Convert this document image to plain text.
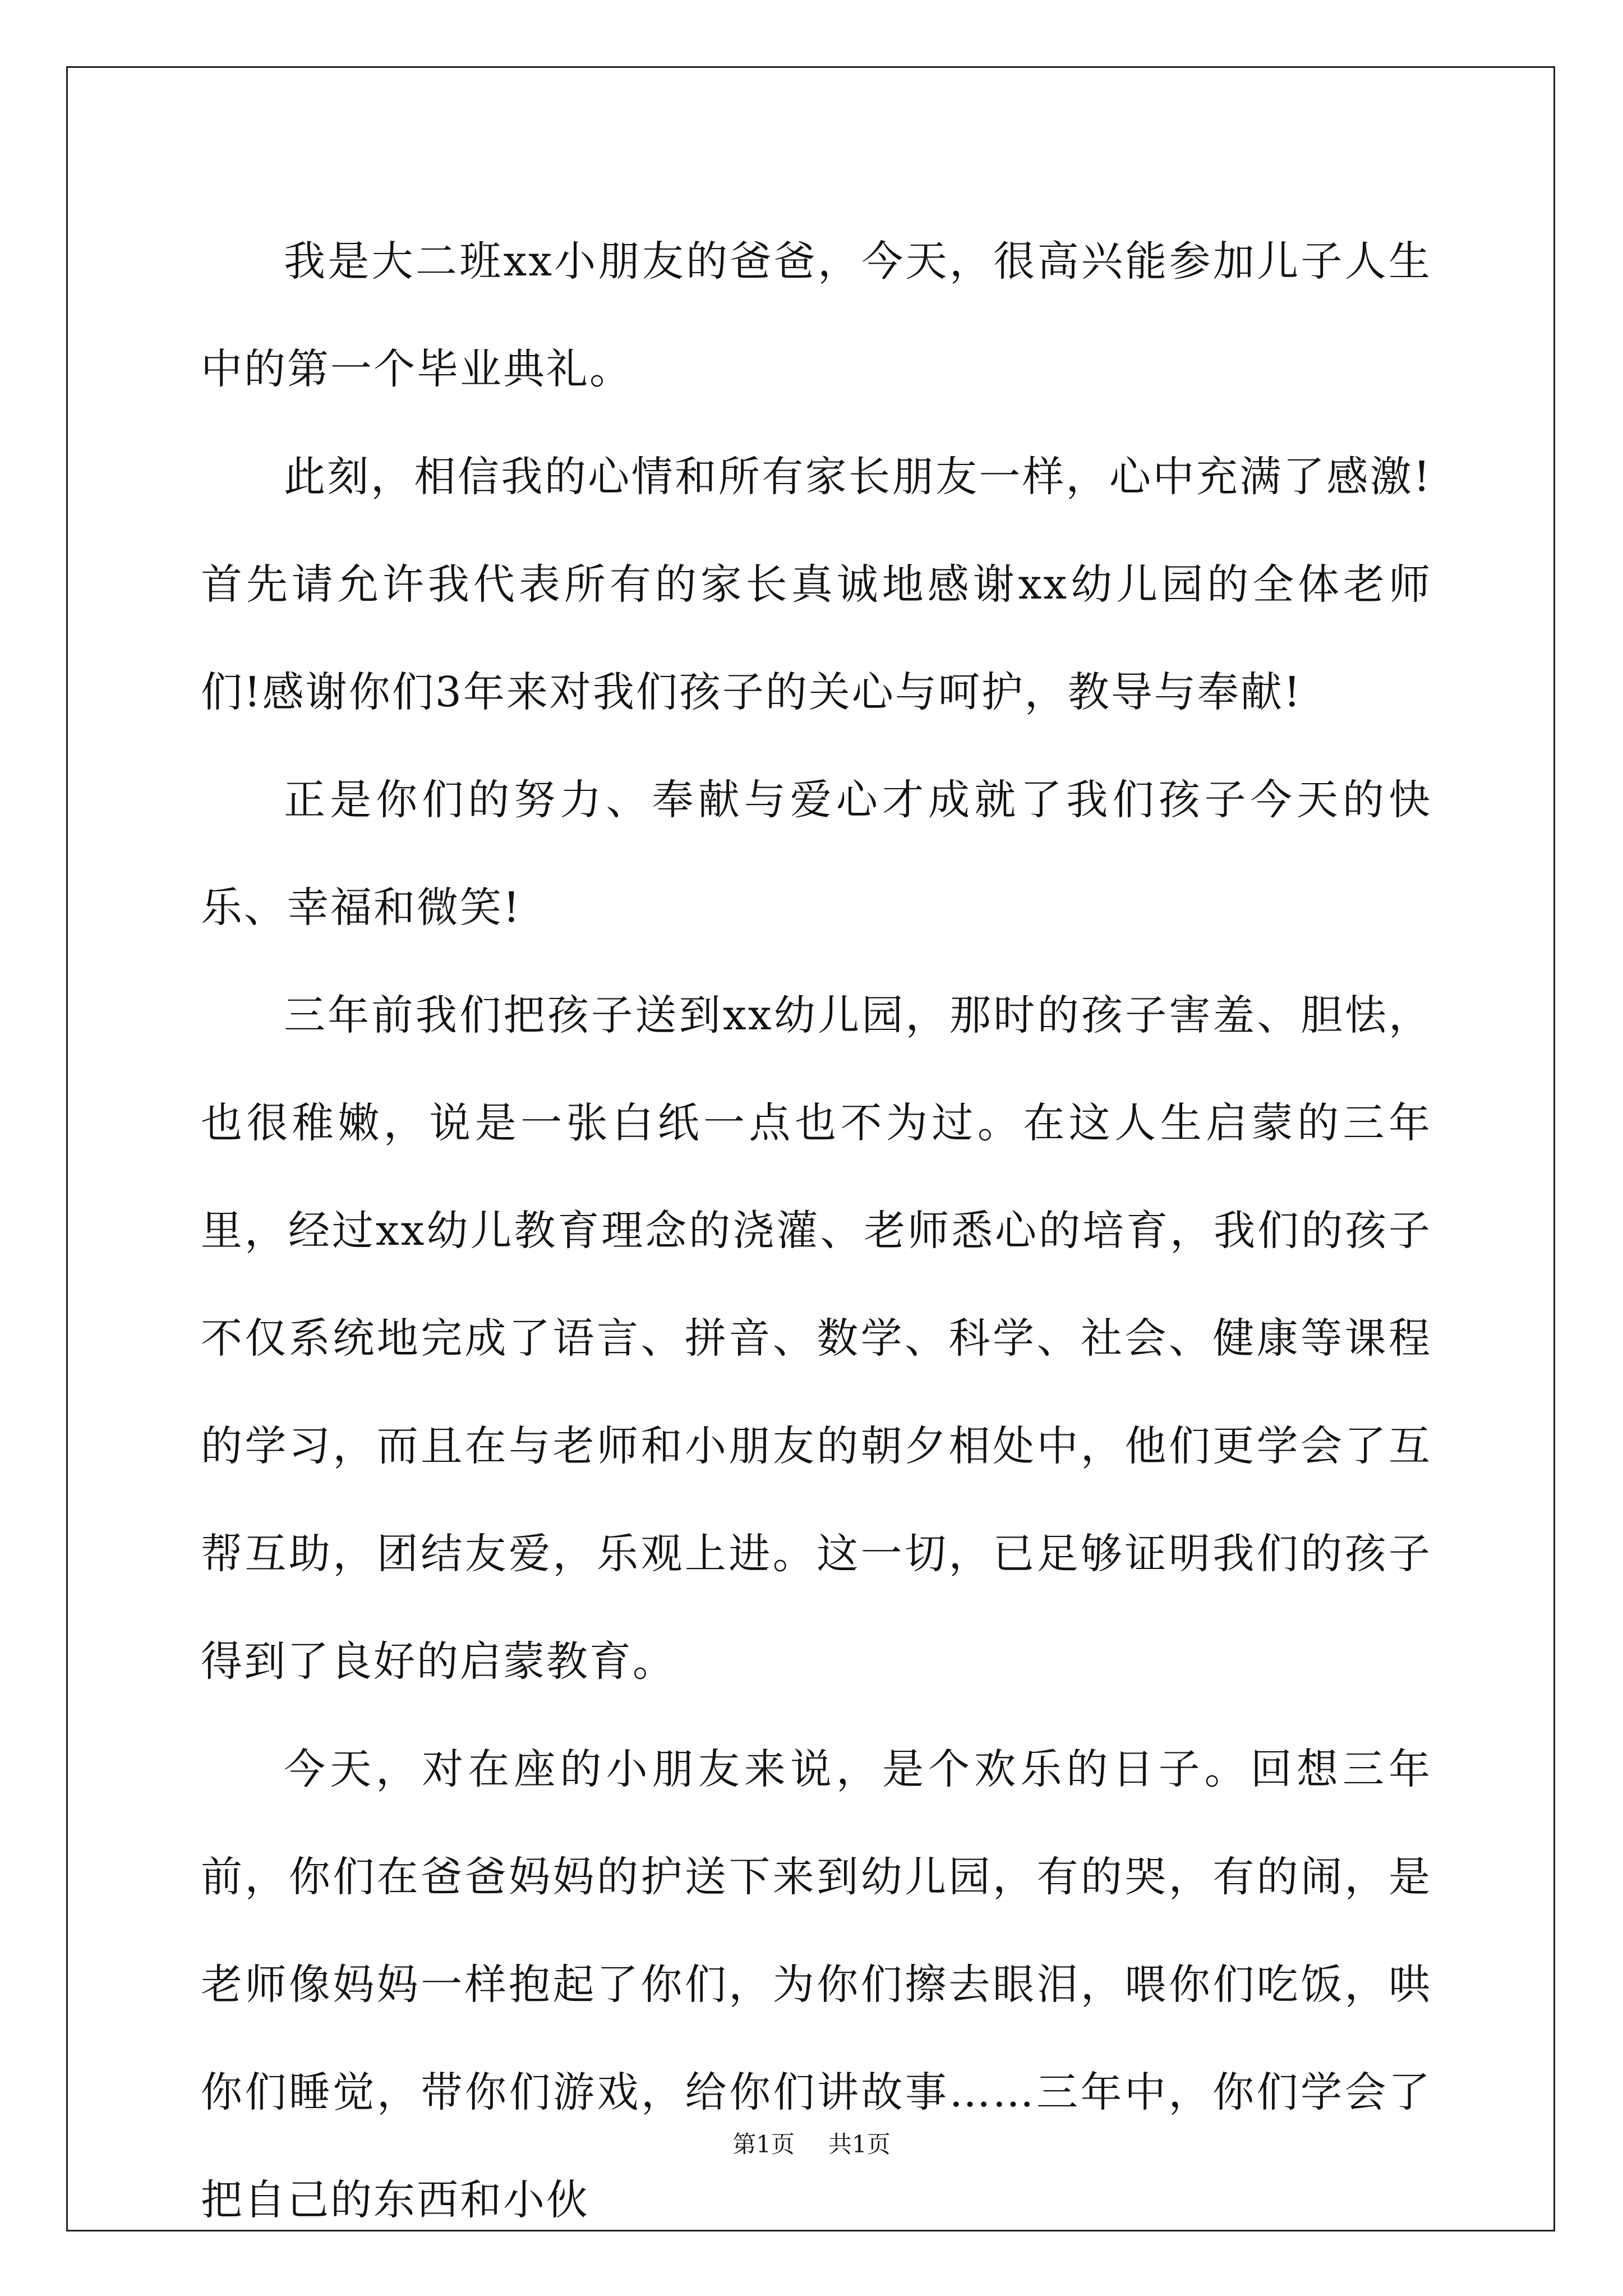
我是大二班xx小朋友的爸爸，今天，很高兴能参加儿子人生中的第一个毕业典礼。

此刻，相信我的心情和所有家长朋友一样，心中充满了感激!首先请允许我代表所有的家长真诚地感谢xx幼儿园的全体老师们!感谢你们3年来对我们孩子的关心与呵护，教导与奉献!

正是你们的努力、奉献与爱心才成就了我们孩子今天的快乐、幸福和微笑!

三年前我们把孩子送到xx幼儿园，那时的孩子害羞、胆怯，也很稚嫩，说是一张白纸一点也不为过。在这人生启蒙的三年里，经过xx幼儿教育理念的浇灌、老师悉心的培育，我们的孩子不仅系统地完成了语言、拼音、数学、科学、社会、健康等课程的学习，而且在与老师和小朋友的朝夕相处中，他们更学会了互帮互助，团结友爱，乐观上进。这一切，已足够证明我们的孩子得到了良好的启蒙教育。

今天，对在座的小朋友来说，是个欢乐的日子。回想三年前，你们在爸爸妈妈的护送下来到幼儿园，有的哭，有的闹，是老师像妈妈一样抱起了你们，为你们擦去眼泪，喂你们吃饭，哄你们睡觉，带你们游戏，给你们讲故事……三年中，你们学会了把自己的东西和小伙

第1页 共1页
